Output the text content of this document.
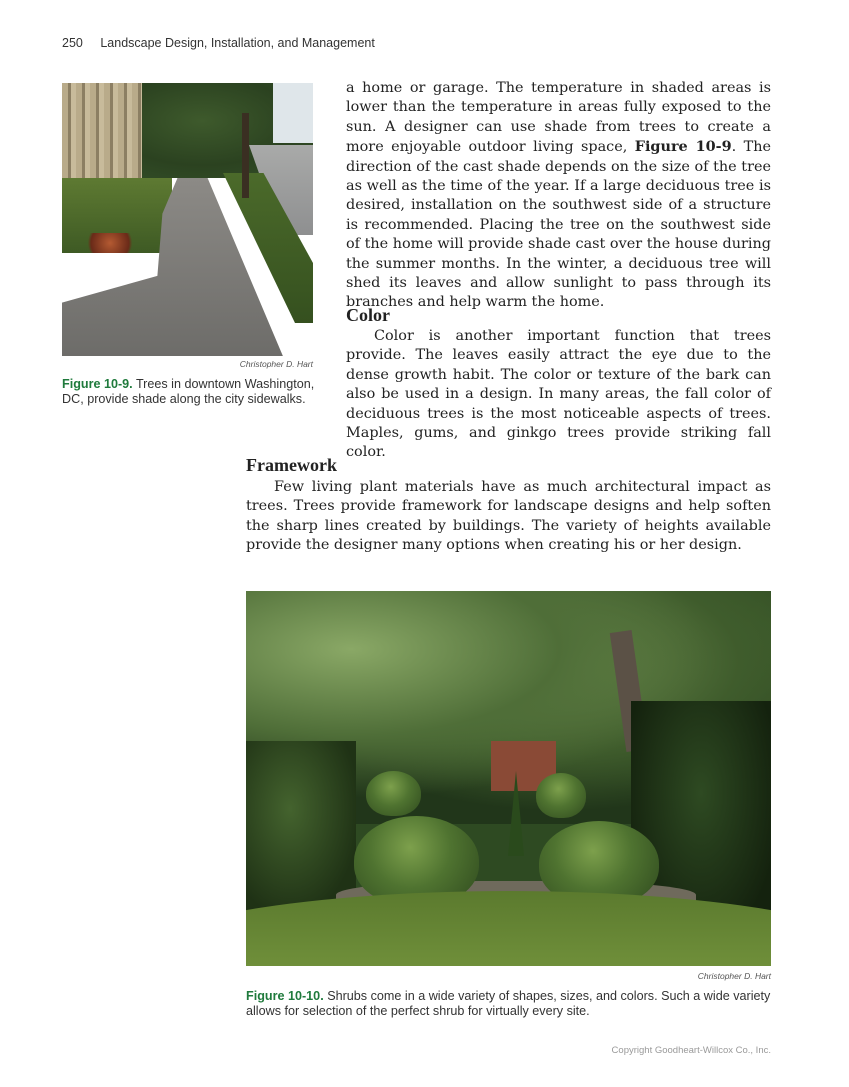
250 Landscape Design, Installation, and Management
Christopher D. Hart
Figure 10-9. Trees in downtown Washington, DC, provide shade along the city sidewalks.

a home or garage. The temperature in shaded areas is lower than the temperature in areas fully exposed to the sun. A designer can use shade from trees to create a more enjoyable outdoor living space, Figure 10-9. The direction of the cast shade depends on the size of the tree as well as the time of the year. If a large deciduous tree is desired, installation on the southwest side of a structure is recommended. Placing the tree on the southwest side of the home will provide shade cast over the house during the summer months. In the winter, a deciduous tree will shed its leaves and allow sunlight to pass through its branches and help warm the home.

Color

Color is another important function that trees provide. The leaves easily attract the eye due to the dense growth habit. The color or texture of the bark can also be used in a design. In many areas, the fall color of deciduous trees is the most noticeable aspects of trees. Maples, gums, and ginkgo trees provide striking fall color.

Framework

Few living plant materials have as much architectural impact as trees. Trees provide framework for landscape designs and help soften the sharp lines created by buildings. The variety of heights available provide the designer many options when creating his or her design.

Christopher D. Hart
Figure 10-10. Shrubs come in a wide variety of shapes, sizes, and colors. Such a wide variety allows for selection of the perfect shrub for virtually every site.
Copyright Goodheart-Willcox Co., Inc.
